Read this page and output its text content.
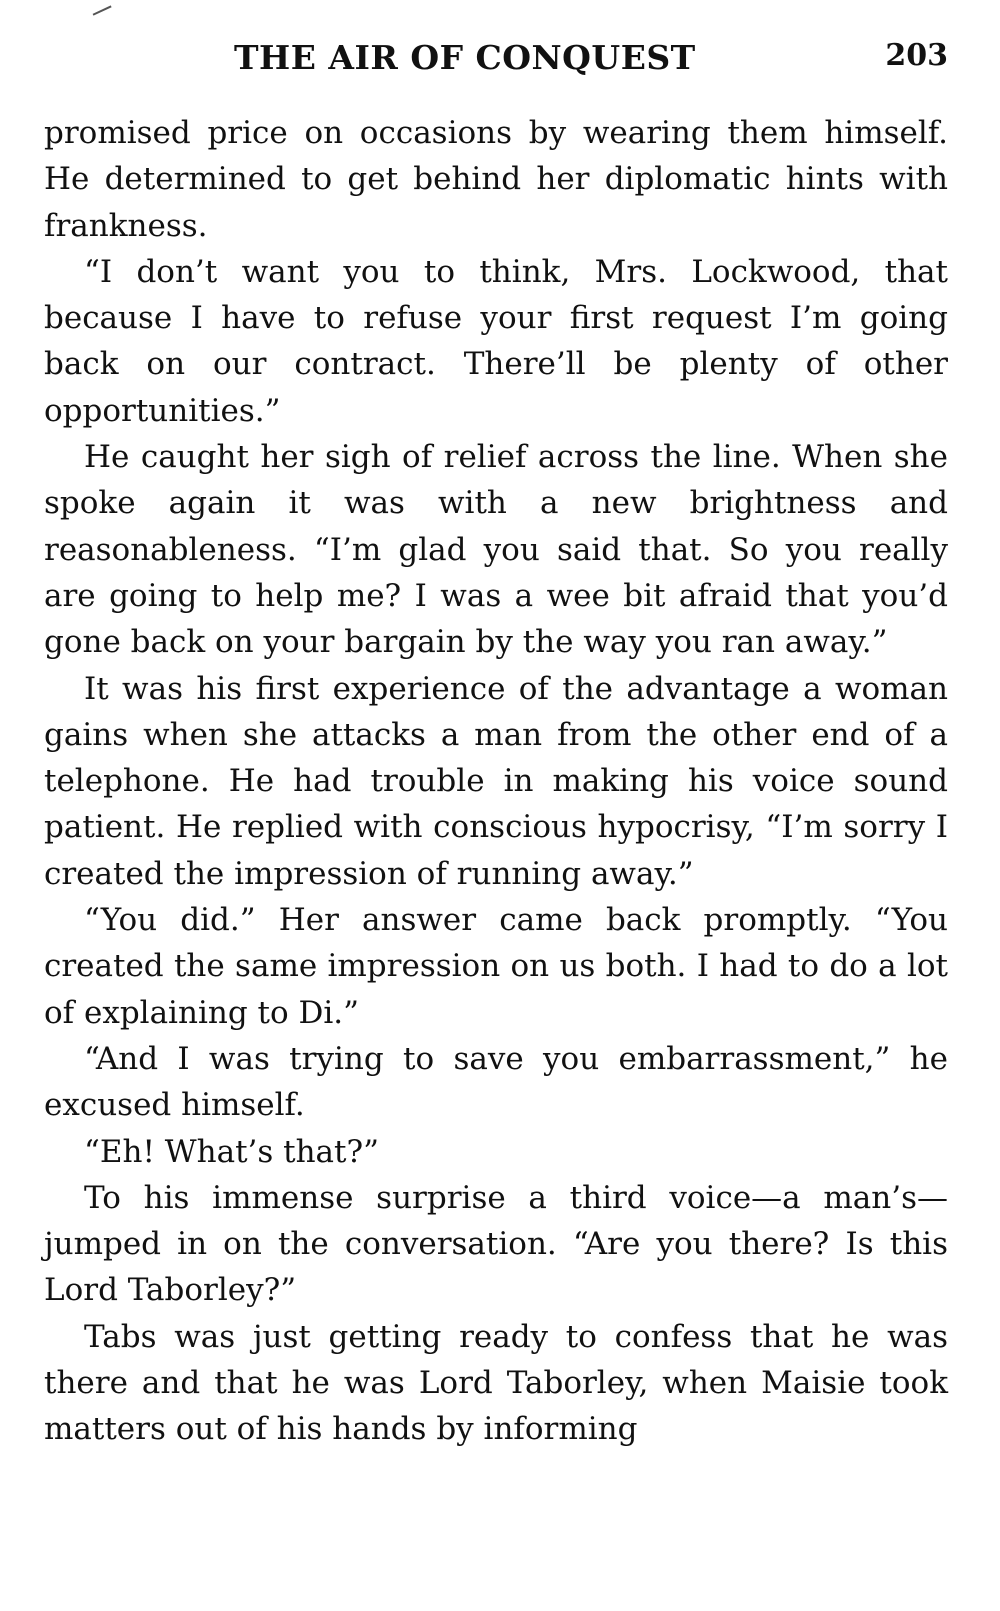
THE AIR OF CONQUEST	203

promised price on occasions by wearing them himself. He determined to get behind her diplomatic hints with frankness.

“I don’t want you to think, Mrs. Lockwood, that because I have to refuse your first request I’m going back on our contract. There’ll be plenty of other opportunities.”

He caught her sigh of relief across the line. When she spoke again it was with a new brightness and reasonableness. “I’m glad you said that. So you really are going to help me? I was a wee bit afraid that you’d gone back on your bargain by the way you ran away.”

It was his first experience of the advantage a woman gains when she attacks a man from the other end of a telephone. He had trouble in making his voice sound patient. He replied with conscious hypocrisy, “I’m sorry I created the impression of running away.”

“You did.” Her answer came back promptly. “You created the same impression on us both. I had to do a lot of explaining to Di.”

“And I was trying to save you embarrassment,” he excused himself.

“Eh! What’s that?”

To his immense surprise a third voice—a man’s—jumped in on the conversation. “Are you there? Is this Lord Taborley?”

Tabs was just getting ready to confess that he was there and that he was Lord Taborley, when Maisie took matters out of his hands by informing
